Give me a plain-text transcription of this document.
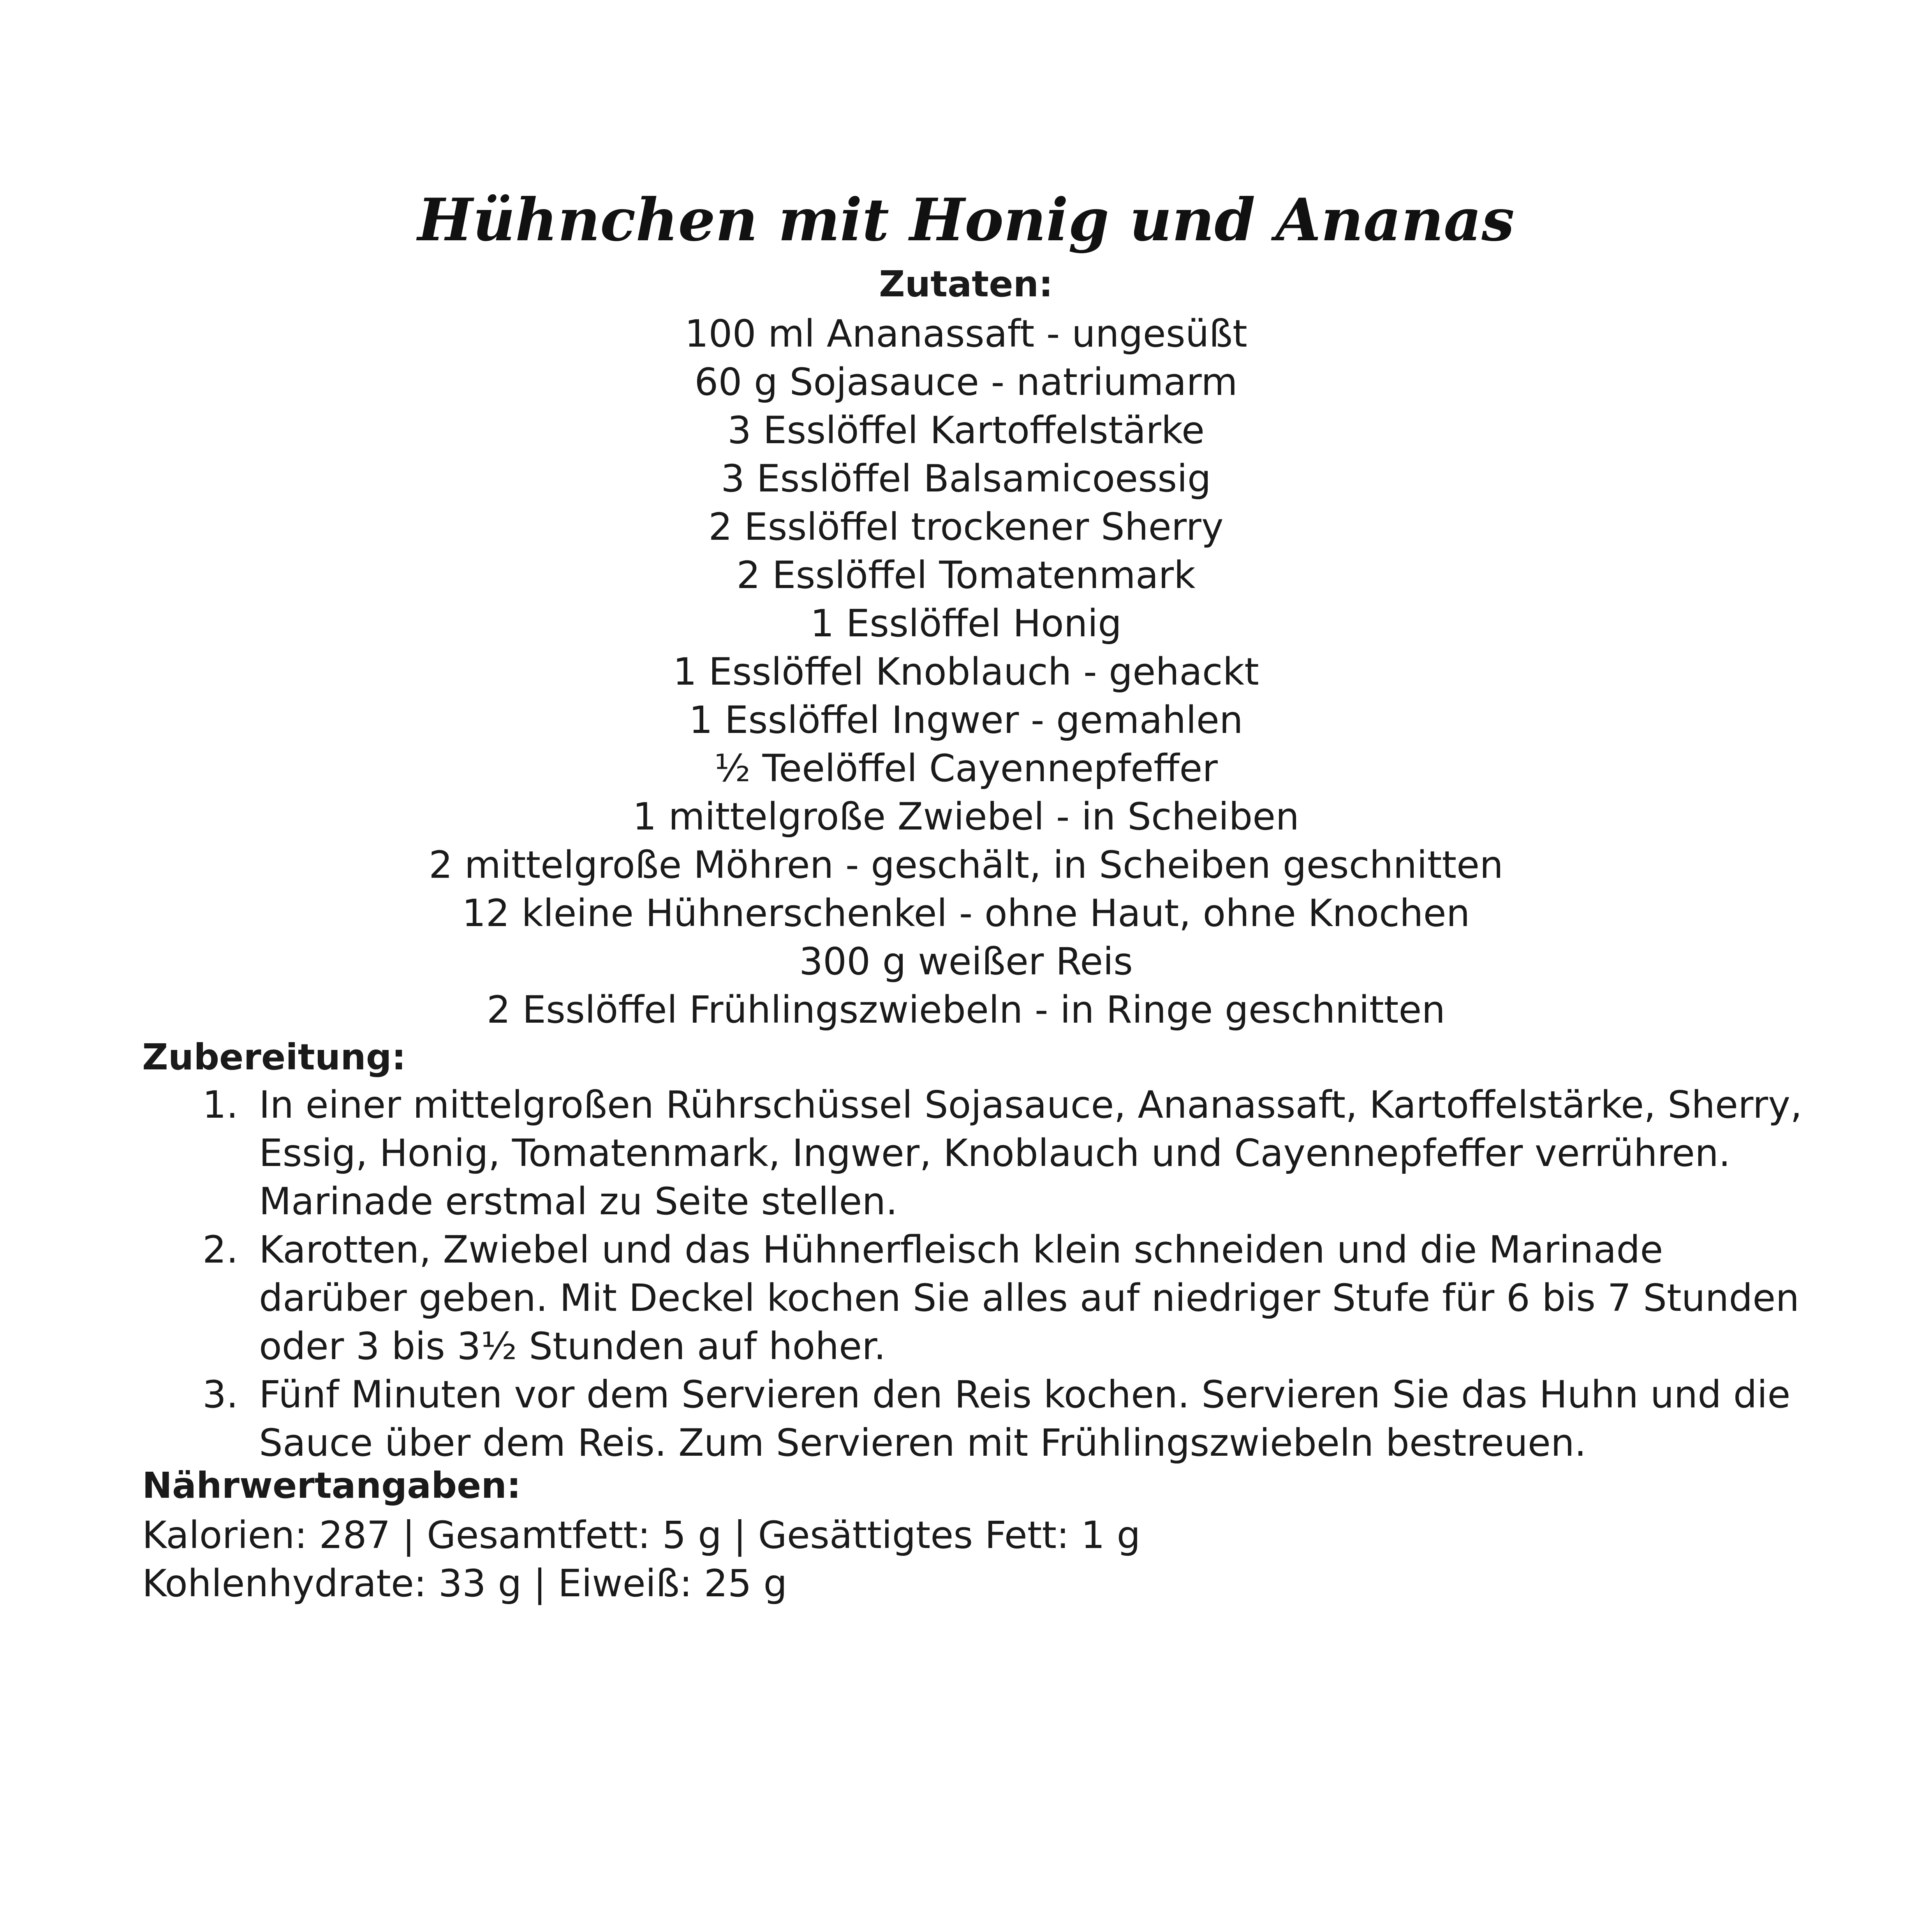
Hühnchen mit Honig und Ananas
Zutaten:
100 ml Ananassaft - ungesüßt
60 g Sojasauce - natriumarm
3 Esslöffel Kartoffelstärke
3 Esslöffel Balsamicoessig
2 Esslöffel trockener Sherry
2 Esslöffel Tomatenmark
1 Esslöffel Honig
1 Esslöffel Knoblauch - gehackt
1 Esslöffel Ingwer - gemahlen
½ Teelöffel Cayennepfeffer
1 mittelgroße Zwiebel - in Scheiben
2 mittelgroße Möhren - geschält, in Scheiben geschnitten
12 kleine Hühnerschenkel - ohne Haut, ohne Knochen
300 g weißer Reis
2 Esslöffel Frühlingszwiebeln - in Ringe geschnitten
Zubereitung:
1. In einer mittelgroßen Rührschüssel Sojasauce, Ananassaft, Kartoffelstärke, Sherry, Essig, Honig, Tomatenmark, Ingwer, Knoblauch und Cayennepfeffer verrühren. Marinade erstmal zu Seite stellen.
2. Karotten, Zwiebel und das Hühnerfleisch klein schneiden und die Marinade darüber geben. Mit Deckel kochen Sie alles auf niedriger Stufe für 6 bis 7 Stunden oder 3 bis 3½ Stunden auf hoher.
3. Fünf Minuten vor dem Servieren den Reis kochen. Servieren Sie das Huhn und die Sauce über dem Reis. Zum Servieren mit Frühlingszwiebeln bestreuen.
Nährwertangaben:
Kalorien: 287 | Gesamtfett: 5 g | Gesättigtes Fett: 1 g
Kohlenhydrate: 33 g | Eiweiß: 25 g
